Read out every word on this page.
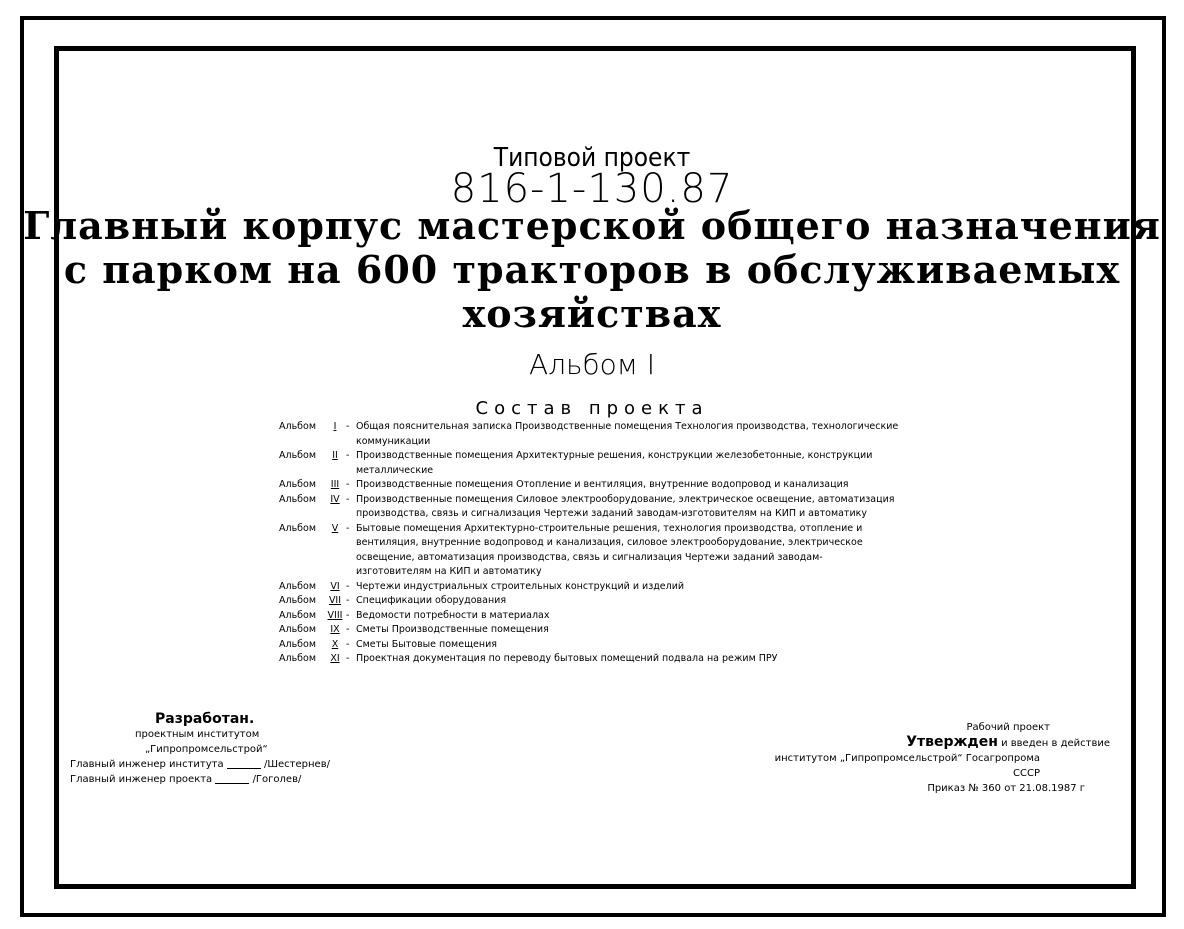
Типовой проект
816-1-130.87
Главный корпус мастерской общего назначения
с парком на 600 тракторов в обслуживаемых
хозяйствах
Альбом I
Состав проекта
Альбом	I	- Общая пояснительная записка Производственные помещения Технология производства, технологические
коммуникации
Альбом	II - Производственные помещения Архитектурные решения, конструкции железобетонные, конструкции
металлические
Альбом	III - Производственные помещения Отопление и вентиляция, внутренние водопровод и канализация
Альбом	IV - Производственные помещения Силовое электрооборудование, электрическое освещение, автоматизация
производства, связь и сигнализация Чертежи заданий заводам-изготовителям на КИП и автоматику
Альбом	V - Бытовые помещения Архитектурно-строительные решения, технология производства, отопление и
вентиляция, внутренние водопровод и канализация, силовое электрооборудование, электрическое
освещение, автоматизация производства, связь и сигнализация Чертежи заданий заводам-
изготовителям на КИП и автоматику
Альбом	VI - Чертежи индустриальных строительных конструкций и изделий
Альбом	VII - Спецификации оборудования
Альбом	VIII - Ведомости потребности в материалах
Альбом	IX - Сметы Производственные помещения
Альбом	X - Сметы Бытовые помещения
Альбом	XI - Проектная документация по переводу бытовых помещений подвала на режим ПРУ
Разработан.
проектным институтом
„Гипропромсельстрой“
Главный инженер института	/Шестернев/
Главный инженер проекта	/Гоголев/
Рабочий проект
Утвержден и введен в действие
институтом „Гипропромсельстрой“ Госагропрома СССР
Приказ № 360 от 21.08.1987 г
